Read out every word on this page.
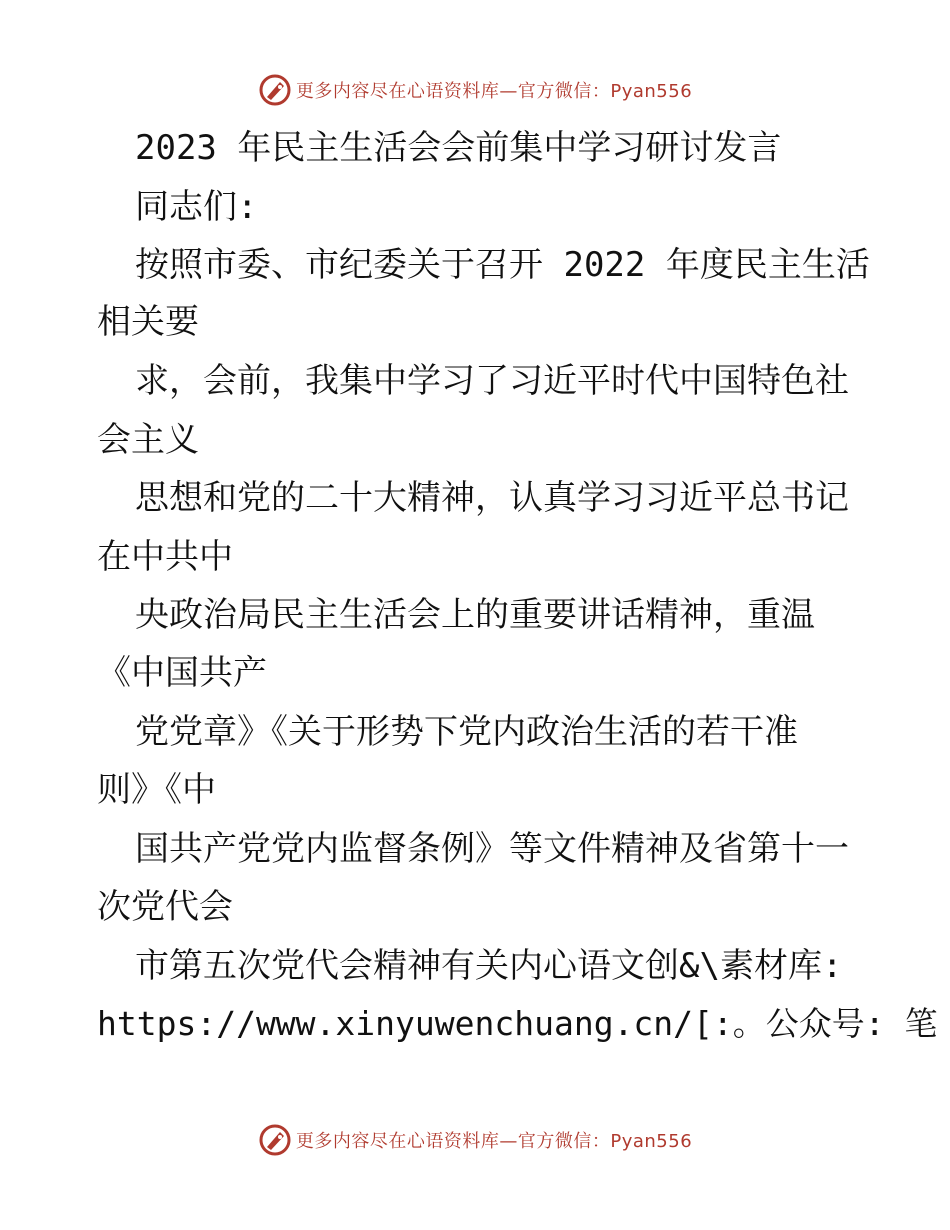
更多内容尽在心语资料库—官方微信：Pyan556
2023 年民主生活会会前集中学习研讨发言
同志们:
按照市委、市纪委关于召开 2022 年度民主生活
相关要
求，会前，我集中学习了习近平时代中国特色社
会主义
思想和党的二十大精神，认真学习习近平总书记
在中共中
央政治局民主生活会上的重要讲话精神，重温
《中国共产
党党章》《关于形势下党内政治生活的若干准
则》《中
国共产党党内监督条例》等文件精神及省第十一
次党代会
市第五次党代会精神有关内心语文创&\素材库:
https://www.xinyuwenchuang.cn/[:。公众号: 笔
更多内容尽在心语资料库—官方微信：Pyan556
